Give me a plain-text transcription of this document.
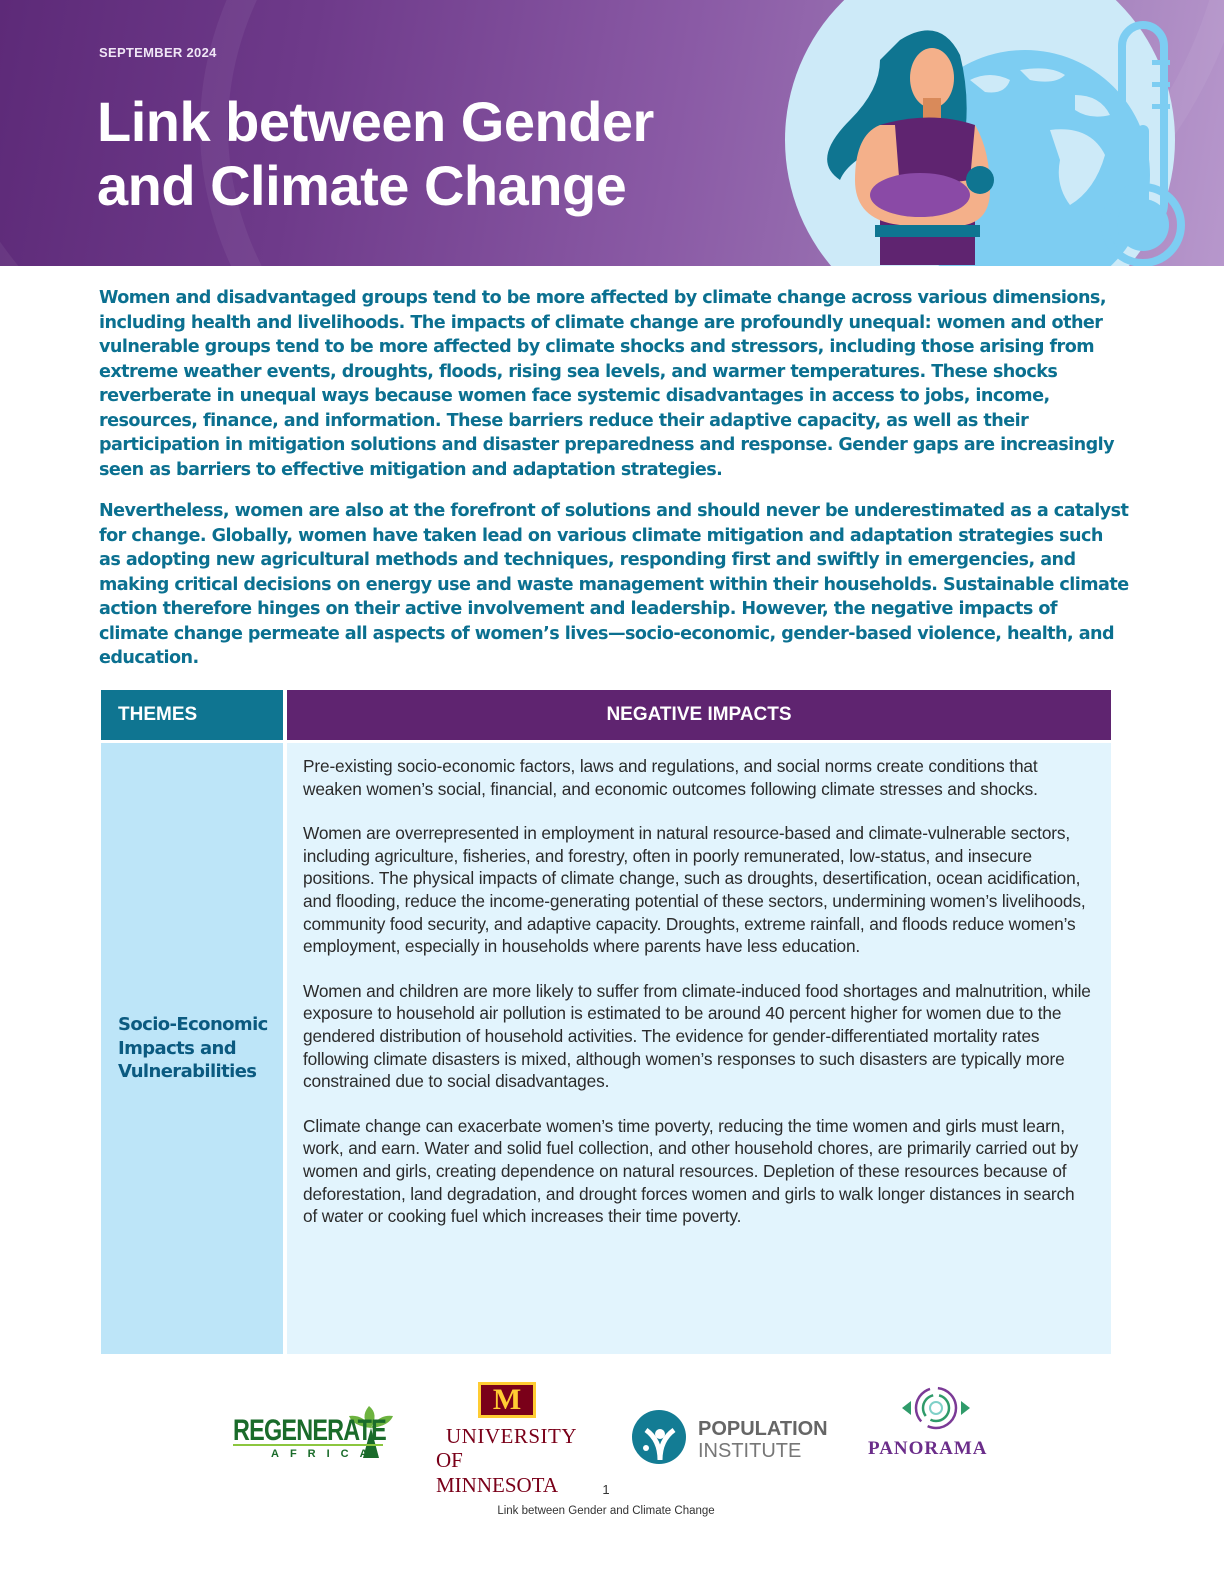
SEPTEMBER 2024
Link between Gender
and Climate Change

Women and disadvantaged groups tend to be more affected by climate change across various dimensions, including health and livelihoods. The impacts of climate change are profoundly unequal: women and other vulnerable groups tend to be more affected by climate shocks and stressors, including those arising from extreme weather events, droughts, floods, rising sea levels, and warmer temperatures. These shocks reverberate in unequal ways because women face systemic disadvantages in access to jobs, income, resources, finance, and information. These barriers reduce their adaptive capacity, as well as their participation in mitigation solutions and disaster preparedness and response. Gender gaps are increasingly seen as barriers to effective mitigation and adaptation strategies.

Nevertheless, women are also at the forefront of solutions and should never be underestimated as a catalyst for change. Globally, women have taken lead on various climate mitigation and adaptation strategies such as adopting new agricultural methods and techniques, responding first and swiftly in emergencies, and making critical decisions on energy use and waste management within their households. Sustainable climate action therefore hinges on their active involvement and leadership. However, the negative impacts of climate change permeate all aspects of women’s lives—socio-economic, gender-based violence, health, and education.

THEMES	NEGATIVE IMPACTS
Socio-Economic Impacts and Vulnerabilities

Pre-existing socio-economic factors, laws and regulations, and social norms create conditions that weaken women’s social, financial, and economic outcomes following climate stresses and shocks.

Women are overrepresented in employment in natural resource-based and climate-vulnerable sectors, including agriculture, fisheries, and forestry, often in poorly remunerated, low-status, and insecure positions. The physical impacts of climate change, such as droughts, desertification, ocean acidification, and flooding, reduce the income-generating potential of these sectors, undermining women’s livelihoods, community food security, and adaptive capacity. Droughts, extreme rainfall, and floods reduce women’s employment, especially in households where parents have less education.

Women and children are more likely to suffer from climate-induced food shortages and malnutrition, while exposure to household air pollution is estimated to be around 40 percent higher for women due to the gendered distribution of household activities. The evidence for gender-differentiated mortality rates following climate disasters is mixed, although women’s responses to such disasters are typically more constrained due to social disadvantages.

Climate change can exacerbate women’s time poverty, reducing the time women and girls must learn, work, and earn. Water and solid fuel collection, and other household chores, are primarily carried out by women and girls, creating dependence on natural resources. Depletion of these resources because of deforestation, land degradation, and drought forces women and girls to walk longer distances in search of water or cooking fuel which increases their time poverty.

REGENERATE
AFRICA
M
UNIVERSITY
OF MINNESOTA
POPULATION
INSTITUTE	PANORAMA
1
Link between Gender and Climate Change
